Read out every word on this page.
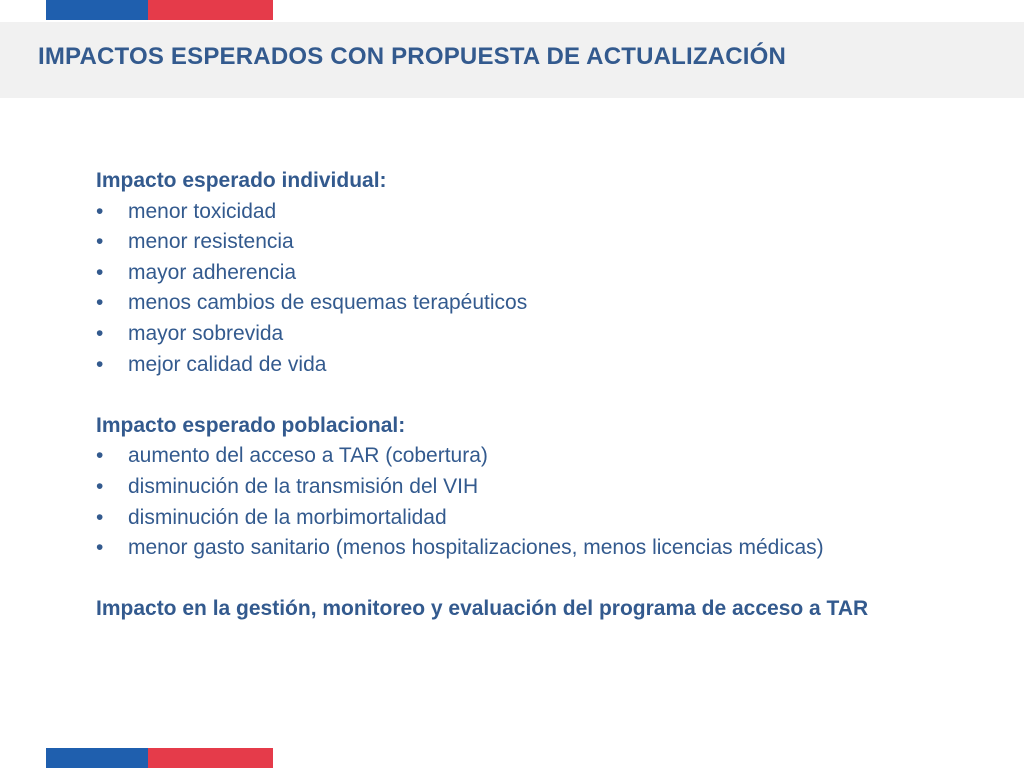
IMPACTOS ESPERADOS CON PROPUESTA DE ACTUALIZACIÓN
Impacto esperado individual:
• menor toxicidad
• menor resistencia
• mayor adherencia
• menos cambios de esquemas terapéuticos
• mayor sobrevida
• mejor calidad de vida
Impacto esperado poblacional:
• aumento del acceso a TAR (cobertura)
• disminución de la transmisión del VIH
• disminución de la morbimortalidad
• menor gasto sanitario (menos hospitalizaciones, menos licencias médicas)
Impacto en la gestión, monitoreo y evaluación del programa de acceso a TAR
